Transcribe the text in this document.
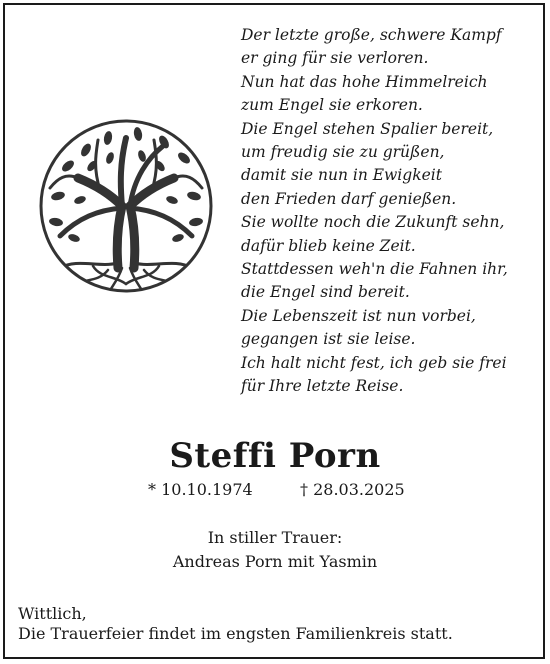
Der letzte große, schwere Kampf
er ging für sie verloren.
Nun hat das hohe Himmelreich
zum Engel sie erkoren.
Die Engel stehen Spalier bereit,
um freudig sie zu grüßen,
damit sie nun in Ewigkeit
den Frieden darf genießen.
Sie wollte noch die Zukunft sehn,
dafür blieb keine Zeit.
Stattdessen weh'n die Fahnen ihr,
die Engel sind bereit.
Die Lebenszeit ist nun vorbei,
gegangen ist sie leise.
Ich halt nicht fest, ich geb sie frei
für Ihre letzte Reise.
Steffi Porn
* 10.10.1974	† 28.03.2025
In stiller Trauer:
Andreas Porn mit Yasmin
Wittlich,
Die Trauerfeier findet im engsten Familienkreis statt.
